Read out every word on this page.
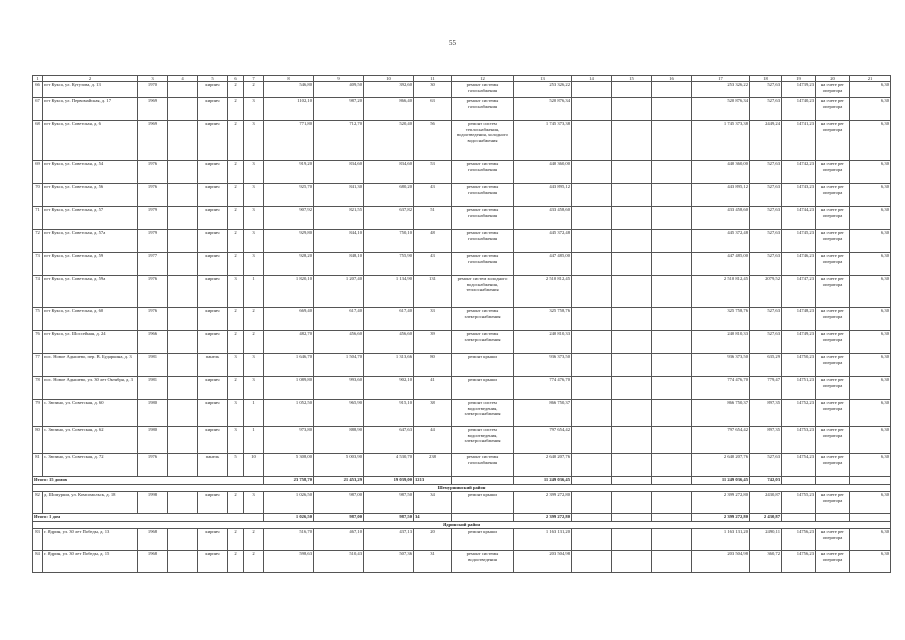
55
1	2	3	4	5	6	7	8	9	10	11	12	13	14	15	16	17	18	19	20	21
66	пгт Кукса, ул. Кутузова, д. 13	1970		кирпич	2	2	546,80	409,50	392,60	30	ремонт системы газоснабжения	253 326,22				253 326,22	527,63	14739,23	на счете рег оператора	6,30
67	пгт Кукса, ул. Первомайская, д. 17	1969		кирпич	2	3	1102,10	987,20	866,40	63	ремонт системы газоснабжения	520 876,34				520 876,34	527,63	14740,23	на счете рег оператора	6,30
68	пгт Кукса, ул. Советская, д. 6	1969		кирпич	2	3	771,80	712,70	520,40	56	ремонт систем теплоснабжения, водоотведения, холодного водоснабжения	1 745 373,38				1 745 373,38	2449,24	14741,23	на счете рег оператора	6,30
69	пгт Кукса, ул. Советская, д. 54	1976		кирпич	2	3	919,20	834,60	834,60	53	ремонт системы газоснабжения	440 360,00				440 360,00	527,63	14742,23	на счете рег оператора	6,30
70	пгт Кукса, ул. Советская, д. 56	1976		кирпич	2	3	925,70	841,30	680,20	43	ремонт системы газоснабжения	443 895,12				443 895,12	527,63	14743,23	на счете рег оператора	6,30
71	пгт Кукса, ул. Советская, д. 57	1979		кирпич	2	3	907,92	821,55	637,82	51	ремонт системы газоснабжения	433 458,60				433 458,60	527,63	14744,23	на счете рег оператора	6,30
72	пгт Кукса, ул. Советская, д. 57а	1979		кирпич	2	3	929,80	844,10	750,10	48	ремонт системы газоснабжения	445 372,48				445 372,48	527,63	14745,23	на счете рег оператора	6,30
73	пгт Кукса, ул. Советская, д. 59	1977		кирпич	2	3	928,20	848,10	755,90	43	ремонт системы газоснабжения	447 485,00				447 485,00	527,63	14746,23	на счете рег оператора	6,30
74	пгт Кукса, ул. Советская, д. 59а	1976		кирпич	3	1	1 820,10	1 207,40	1 134,90	131	ремонт систем холодного водоснабжения, теплоснабжения	2 510 812,45				2 510 812,45	2079,52	14747,23	на счете рег оператора	6,30
75	пгт Кукса, ул. Советская, д. 60	1976		кирпич	2	2	669,40	617,40	617,40	33	ремонт системы электроснабжения	325 758,76				325 758,76	527,63	14748,23	на счете рег оператора	6,30
76	пгт Кукса, ул. Шоссейная, д. 24	1966		кирпич	2	2	482,70	456,60	456,60	39	ремонт системы электроснабжения	240 810,33				240 810,33	527,63	14749,23	на счете рег оператора	6,30
77	пос. Новое Адышево, пер. В. Бударкина, д. 3	1981		панель	3	3	1 646,70	1 504,70	1 313,66	80	ремонт крыши	936 373,50				936 373,50	635,29	14750,23	на счете рег оператора	6,30
78	пос. Новое Адышево, ул. 30 лет Октября, д. 3	1981		кирпич	2	3	1 089,80	993,60	902,10	41	ремонт крыши	774 476,70				774 476,70	779,47	14751,23	на счете рег оператора	6,30
79	с. Зюзино, ул. Советская, д. 60	1980		кирпич	3	1	1 052,50	965,90	915,10	38	ремонт систем водоотведения, электроснабжения	866 750,37				866 750,37	897,35	14752,23	на счете рег оператора	6,30
80	с. Зюзино, ул. Советская, д. 62	1980		кирпич	3	1	973,80	888,90	647,63	44	ремонт систем водоотведения, электроснабжения	797 654,42				797 654,42	897,35	14753,23	на счете рег оператора	6,30
81	с. Зюзино, ул. Советская, д. 72	1976		панель	5	10	5 308,00	5 003,90	4 530,70	238	ремонт системы газоснабжения	2 640 207,76				2 640 207,76	527,63	14754,23	на счете рег оператора	6,30
Итого: 15 домов							23 758,70	21 453,29	19 039,00	1213		11 249 036,45				11 249 036,45	742,03			
Шемуршинский район																				
82	д. Шомурши, ул. Комсомольск, д. 18	1998		кирпич	2	3	1 026,50	987,00	987,50	34	ремонт крыши	2 399 272,80				2 399 272,80	2430,87	14755,23	на счете рег оператора	6,30
Итого: 1 дом							1 026,50	987,00	987,50	34		2 399 272,80				2 399 272,80	2 430,87			
Ядринский район																				
83	г. Ядрин, ул. 30 лет Победы, д. 13	1968		кирпич	2	2	516,70	467,10	437,13	20	ремонт крыши	1 163 131,20				1 163 131,20	2490,11	14756,23	на счете рег оператора	6,30
84	г. Ядрин, ул. 30 лет Победы, д. 15	1968		кирпич	2	2	598,63	510,43	507,36	31	ремонт системы водоотведения	203 504,98				203 504,98	360,72	14756,23	на счете рег оператора	6,30
